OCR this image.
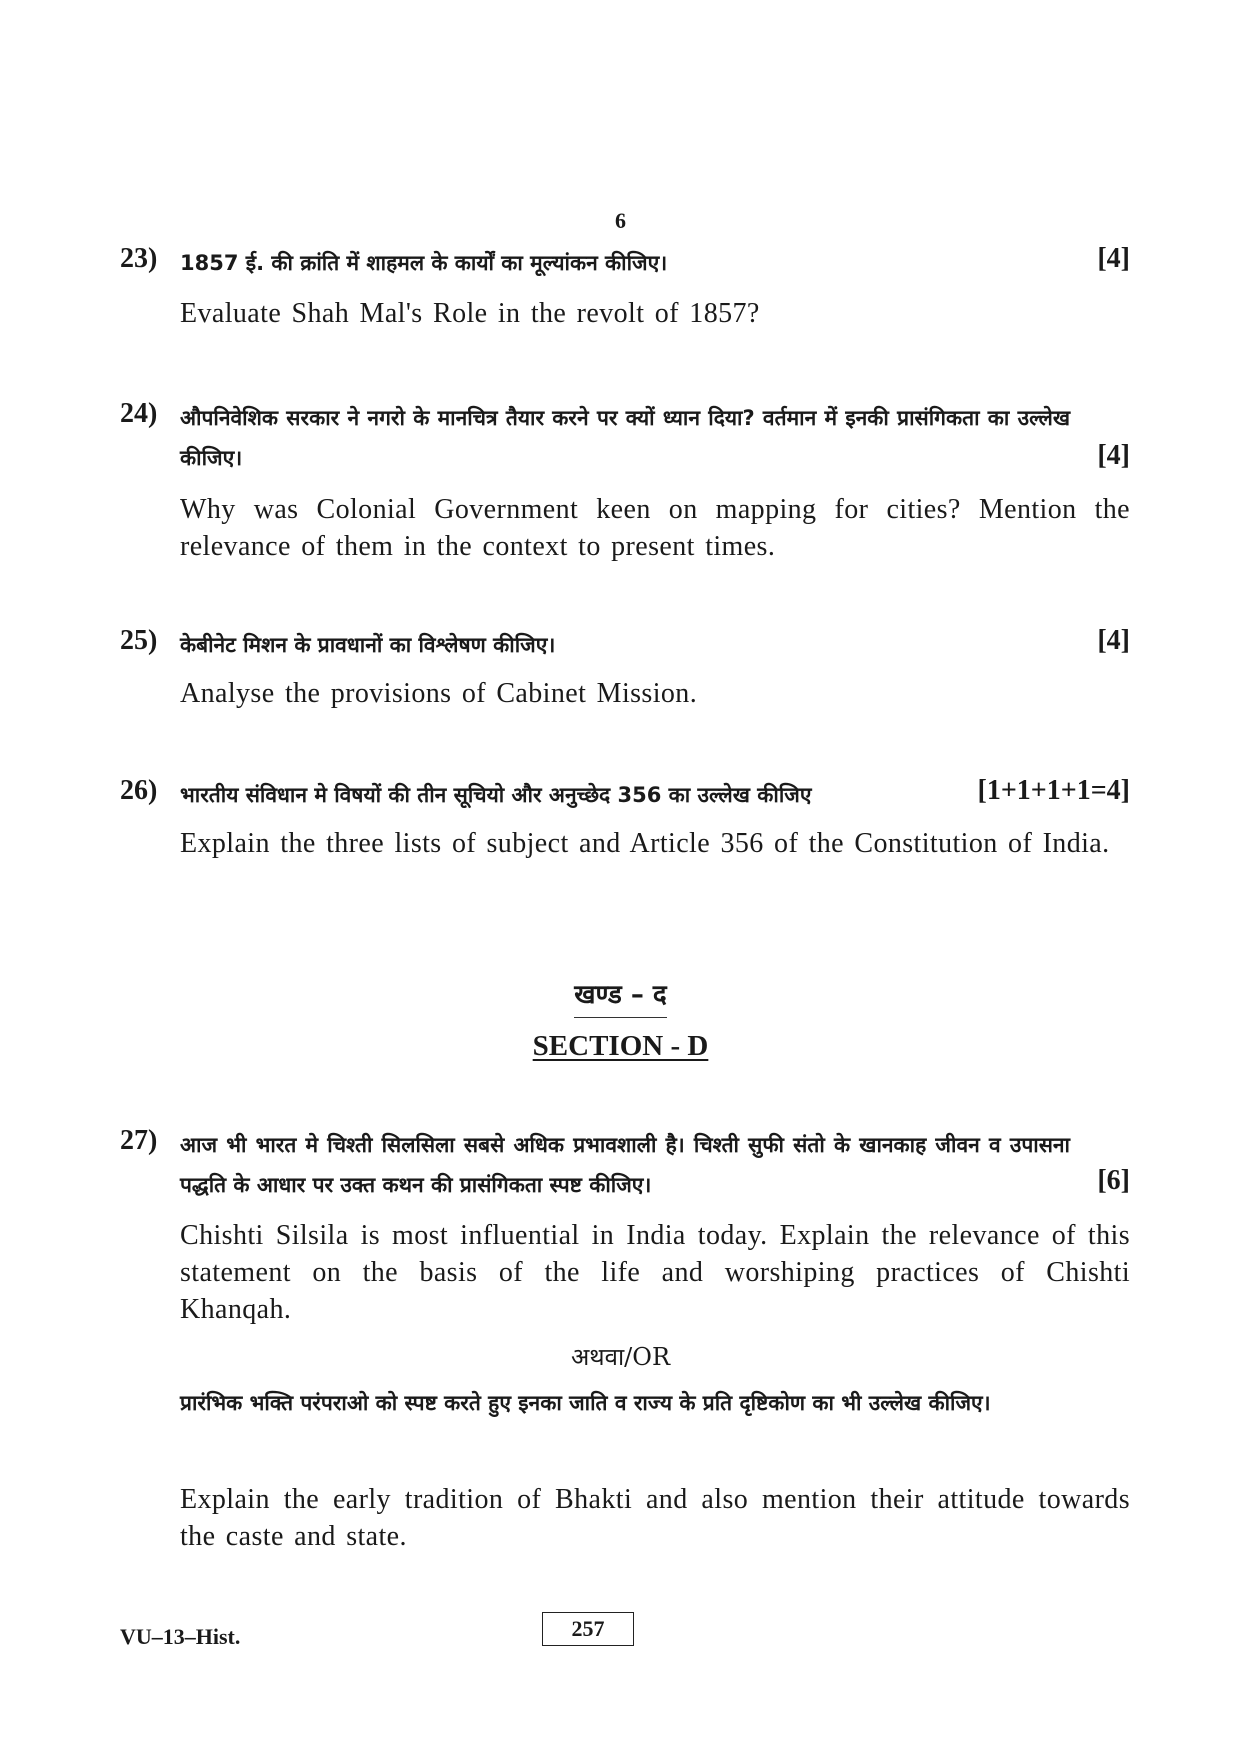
6
23) 1857 ई. की क्रांति में शाहमल के कार्यों का मूल्यांकन कीजिए।	[4]
Evaluate Shah Mal's Role in the revolt of 1857?
24) औपनिवेशिक सरकार ने नगरो के मानचित्र तैयार करने पर क्यों ध्यान दिया? वर्तमान में इनकी प्रासंगिकता का उल्लेख कीजिए।	[4]
Why was Colonial Government keen on mapping for cities? Mention the relevance of them in the context to present times.
25) केबीनेट मिशन के प्रावधानों का विश्लेषण कीजिए।	[4]
Analyse the provisions of Cabinet Mission.
26) भारतीय संविधान मे विषयों की तीन सूचियो और अनुच्छेद 356 का उल्लेख कीजिए	[1+1+1+1=4]
Explain the three lists of subject and Article 356 of the Constitution of India.
खण्ड – द
SECTION - D
27) आज भी भारत मे चिश्ती सिलसिला सबसे अधिक प्रभावशाली है। चिश्ती सुफी संतो के खानकाह जीवन व उपासना पद्धति के आधार पर उक्त कथन की प्रासंगिकता स्पष्ट कीजिए।	[6]
Chishti Silsila is most influential in India today. Explain the relevance of this statement on the basis of the life and worshiping practices of Chishti Khanqah.
अथवा/OR
प्रारंभिक भक्ति परंपराओ को स्पष्ट करते हुए इनका जाति व राज्य के प्रति दृष्टिकोण का भी उल्लेख कीजिए।
Explain the early tradition of Bhakti and also mention their attitude towards the caste and state.
VU–13–Hist.	257
